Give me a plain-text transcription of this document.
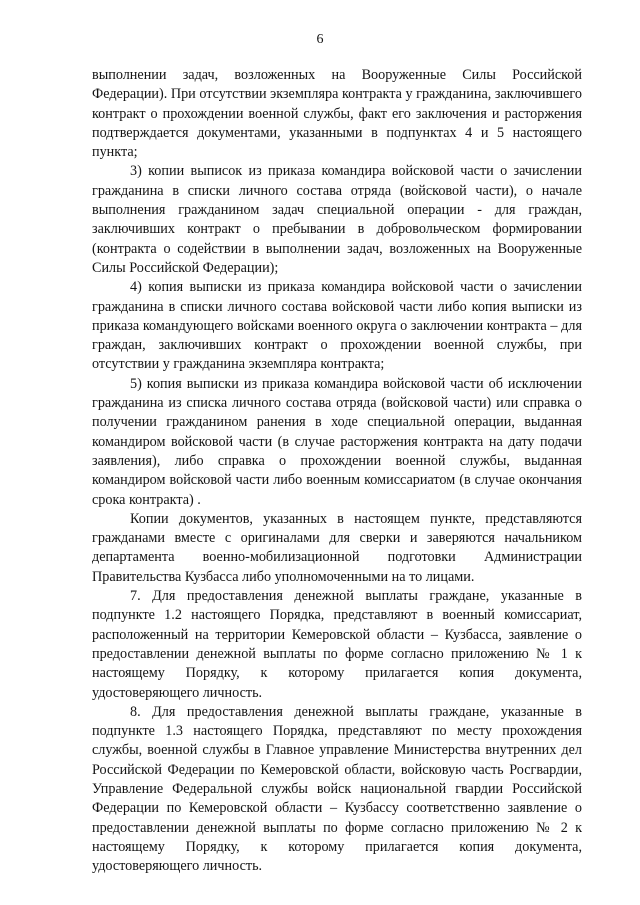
6

выполнении задач, возложенных на Вооруженные Силы Российской Федерации). При отсутствии экземпляра контракта у гражданина, заключившего контракт о прохождении военной службы, факт его заключения и расторжения подтверждается документами, указанными в подпунктах 4 и 5 настоящего пункта;

3) копии выписок из приказа командира войсковой части о зачислении гражданина в списки личного состава отряда (войсковой части), о начале выполнения гражданином задач специальной операции - для граждан, заключивших контракт о пребывании в добровольческом формировании (контракта о содействии в выполнении задач, возложенных на Вооруженные Силы Российской Федерации);

4) копия выписки из приказа командира войсковой части о зачислении гражданина в списки личного состава войсковой части либо копия выписки из приказа командующего войсками военного округа о заключении контракта – для граждан, заключивших контракт о прохождении военной службы, при отсутствии у гражданина экземпляра контракта;

5) копия выписки из приказа командира войсковой части об исключении гражданина из списка личного состава отряда (войсковой части) или справка о получении гражданином ранения в ходе специальной операции, выданная командиром войсковой части (в случае расторжения контракта на дату подачи заявления), либо справка о прохождении военной службы, выданная командиром войсковой части либо военным комиссариатом (в случае окончания срока контракта) .

Копии документов, указанных в настоящем пункте, представляются гражданами вместе с оригиналами для сверки и заверяются начальником департамента военно-мобилизационной подготовки Администрации Правительства Кузбасса либо уполномоченными на то лицами.

7. Для предоставления денежной выплаты граждане, указанные в подпункте 1.2 настоящего Порядка, представляют в военный комиссариат, расположенный на территории Кемеровской области – Кузбасса, заявление о предоставлении денежной выплаты по форме согласно приложению № 1 к настоящему Порядку, к которому прилагается копия документа, удостоверяющего личность.

8. Для предоставления денежной выплаты граждане, указанные в подпункте 1.3 настоящего Порядка, представляют по месту прохождения службы, военной службы в Главное управление Министерства внутренних дел Российской Федерации по Кемеровской области, войсковую часть Росгвардии, Управление Федеральной службы войск национальной гвардии Российской Федерации по Кемеровской области – Кузбассу соответственно заявление о предоставлении денежной выплаты по форме согласно приложению № 2 к настоящему Порядку, к которому прилагается копия документа, удостоверяющего личность.
